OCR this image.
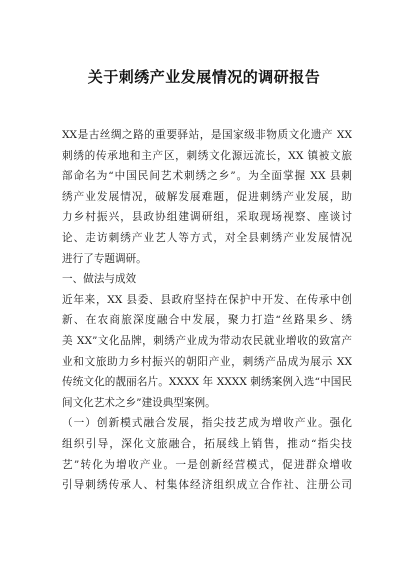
关于刺绣产业发展情况的调研报告
XX是古丝绸之路的重要驿站，是国家级非物质文化遗产 XX
刺绣的传承地和主产区，刺绣文化源远流长，XX 镇被文旅
部命名为“中国民间艺术刺绣之乡”。为全面掌握 XX 县刺
绣产业发展情况，破解发展难题，促进刺绣产业发展，助
力乡村振兴，县政协组建调研组，采取现场视察、座谈讨
论、走访刺绣产业艺人等方式，对全县刺绣产业发展情况
进行了专题调研。
一、做法与成效
近年来，XX 县委、县政府坚持在保护中开发、在传承中创
新、在农商旅深度融合中发展，聚力打造“丝路果乡、绣
美 XX”文化品牌，刺绣产业成为带动农民就业增收的致富产
业和文旅助力乡村振兴的朝阳产业，刺绣产品成为展示 XX
传统文化的靓丽名片。XXXX 年 XXXX 刺绣案例入选“中国民
间文化艺术之乡”建设典型案例。
（一）创新模式融合发展，指尖技艺成为增收产业。强化
组织引导，深化文旅融合，拓展线上销售，推动“指尖技
艺”转化为增收产业。一是创新经营模式，促进群众增收
引导刺绣传承人、村集体经济组织成立合作社、注册公司
